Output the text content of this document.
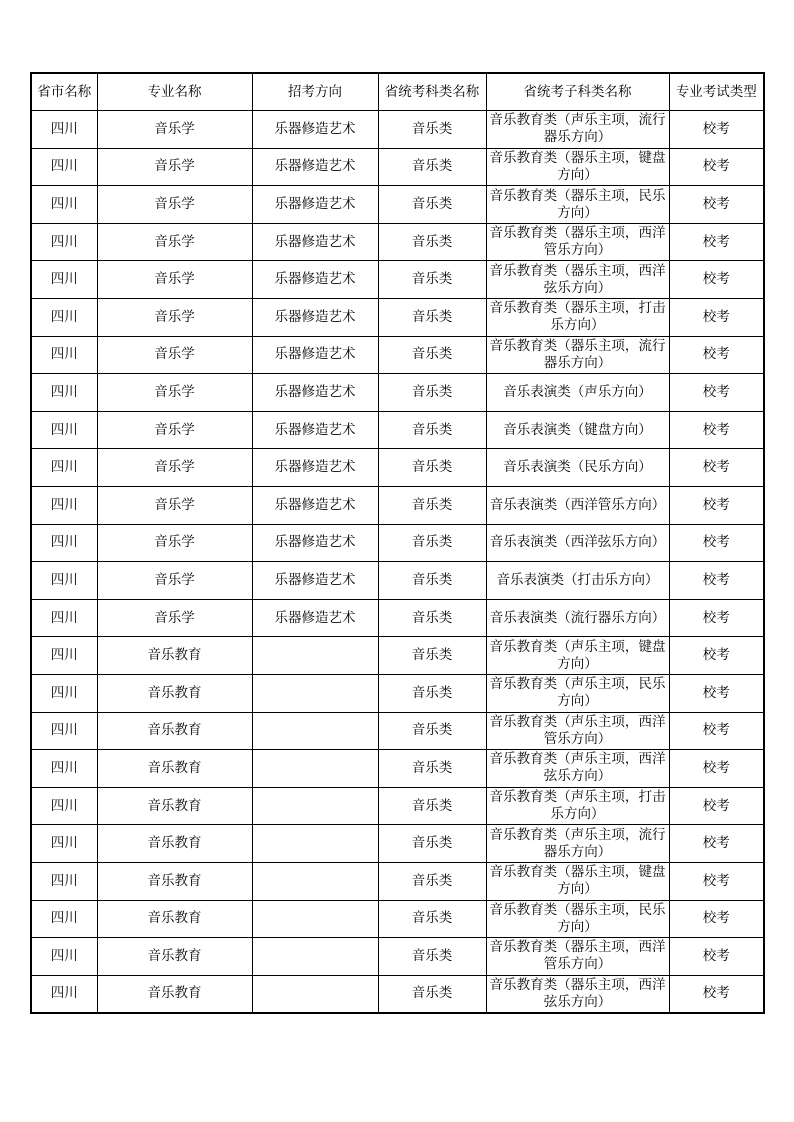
省市名称	专业名称	招考方向	省统考科类名称	省统考子科类名称	专业考试类型
四川	音乐学	乐器修造艺术	音乐类	音乐教育类（声乐主项，流行器乐方向）	校考
四川	音乐学	乐器修造艺术	音乐类	音乐教育类（器乐主项，键盘方向）	校考
四川	音乐学	乐器修造艺术	音乐类	音乐教育类（器乐主项，民乐方向）	校考
四川	音乐学	乐器修造艺术	音乐类	音乐教育类（器乐主项，西洋管乐方向）	校考
四川	音乐学	乐器修造艺术	音乐类	音乐教育类（器乐主项，西洋弦乐方向）	校考
四川	音乐学	乐器修造艺术	音乐类	音乐教育类（器乐主项，打击乐方向）	校考
四川	音乐学	乐器修造艺术	音乐类	音乐教育类（器乐主项，流行器乐方向）	校考
四川	音乐学	乐器修造艺术	音乐类	音乐表演类（声乐方向）	校考
四川	音乐学	乐器修造艺术	音乐类	音乐表演类（键盘方向）	校考
四川	音乐学	乐器修造艺术	音乐类	音乐表演类（民乐方向）	校考
四川	音乐学	乐器修造艺术	音乐类	音乐表演类（西洋管乐方向）	校考
四川	音乐学	乐器修造艺术	音乐类	音乐表演类（西洋弦乐方向）	校考
四川	音乐学	乐器修造艺术	音乐类	音乐表演类（打击乐方向）	校考
四川	音乐学	乐器修造艺术	音乐类	音乐表演类（流行器乐方向）	校考
四川	音乐教育		音乐类	音乐教育类（声乐主项，键盘方向）	校考
四川	音乐教育		音乐类	音乐教育类（声乐主项，民乐方向）	校考
四川	音乐教育		音乐类	音乐教育类（声乐主项，西洋管乐方向）	校考
四川	音乐教育		音乐类	音乐教育类（声乐主项，西洋弦乐方向）	校考
四川	音乐教育		音乐类	音乐教育类（声乐主项，打击乐方向）	校考
四川	音乐教育		音乐类	音乐教育类（声乐主项，流行器乐方向）	校考
四川	音乐教育		音乐类	音乐教育类（器乐主项，键盘方向）	校考
四川	音乐教育		音乐类	音乐教育类（器乐主项，民乐方向）	校考
四川	音乐教育		音乐类	音乐教育类（器乐主项，西洋管乐方向）	校考
四川	音乐教育		音乐类	音乐教育类（器乐主项，西洋弦乐方向）	校考
